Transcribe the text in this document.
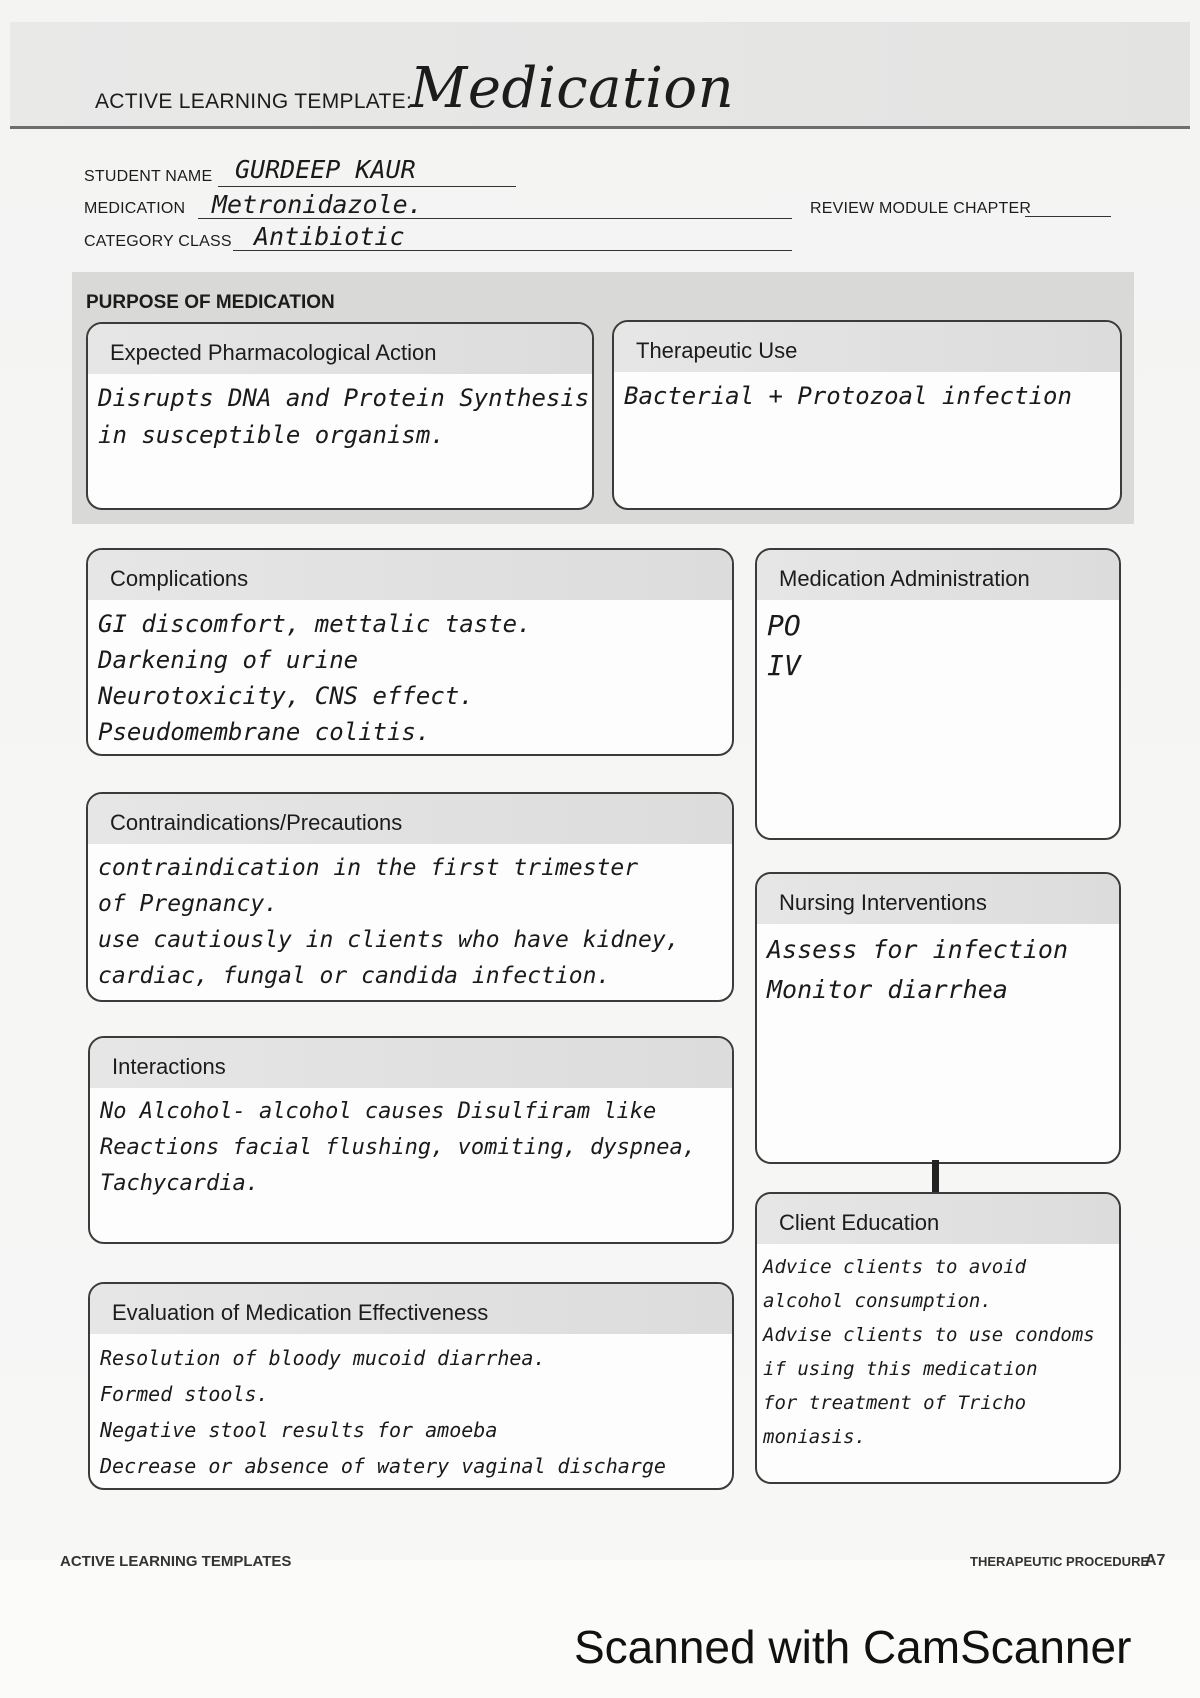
ACTIVE LEARNING TEMPLATE:
Medication
STUDENT NAME GURDEEP KAUR
MEDICATION Metronidazole.	REVIEW MODULE CHAPTER
CATEGORY CLASS Antibiotic
PURPOSE OF MEDICATION
Expected Pharmacological Action
Disrupts DNA and Protein Synthesis
in susceptible organism.
Therapeutic Use
Bacterial + Protozoal infection
Complications
GI discomfort, mettalic taste.
Darkening of urine
Neurotoxicity, CNS effect.
Pseudomembrane colitis.
Medication Administration
PO
IV
Contraindications/Precautions
contraindication in the first trimester
of Pregnancy.
use cautiously in clients who have kidney,
cardiac, fungal or candida infection.
Nursing Interventions
Assess for infection
Monitor diarrhea
Interactions
No Alcohol- alcohol causes Disulfiram like
Reactions facial flushing, vomiting, dyspnea,
Tachycardia.
Client Education
Advice clients to avoid
alcohol consumption.
Advise clients to use condoms
if using this medication
for treatment of Tricho
moniasis.
Evaluation of Medication Effectiveness
Resolution of bloody mucoid diarrhea.
Formed stools.
Negative stool results for amoeba
Decrease or absence of watery vaginal discharge
ACTIVE LEARNING TEMPLATES	THERAPEUTIC PROCEDURE
A7
Scanned with CamScanner
